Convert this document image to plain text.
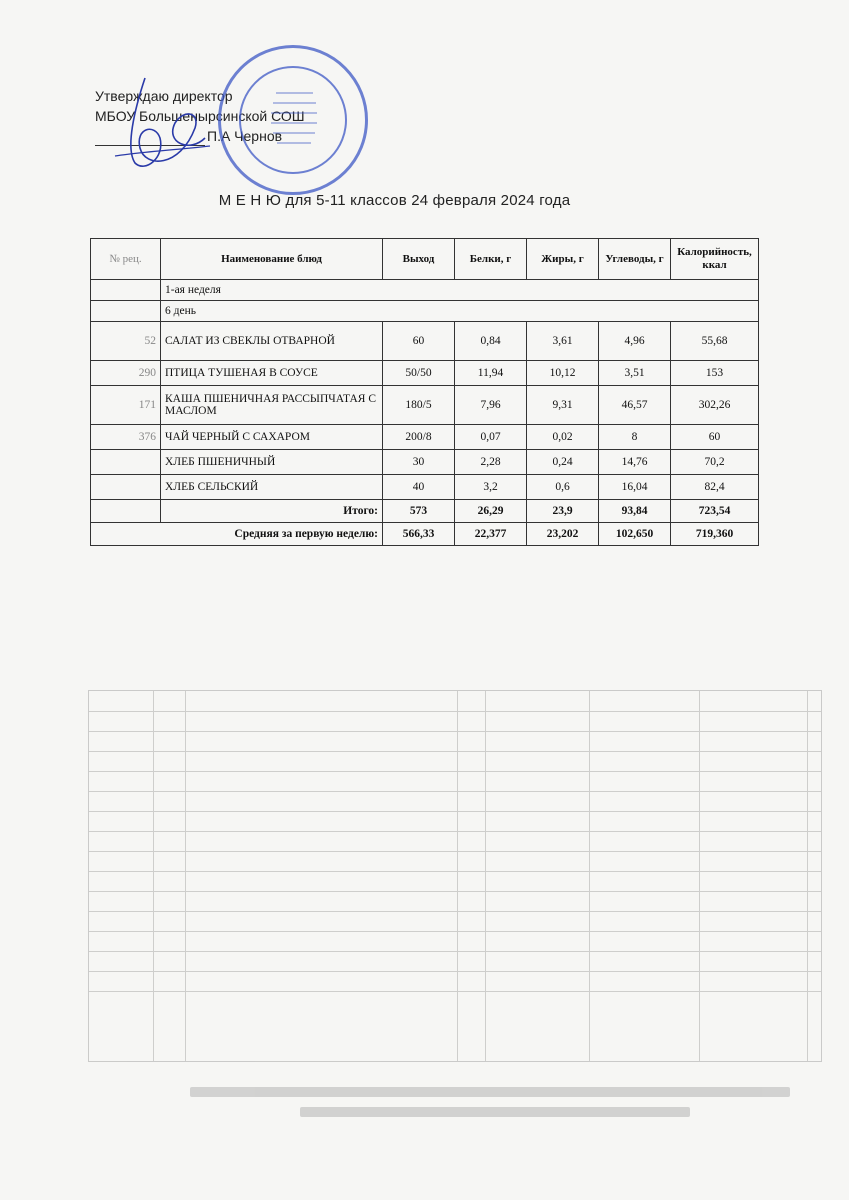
Утверждаю директор
МБОУ Большенырсинской СОШ
П.А Чернов
М Е Н Ю для 5-11 классов 24 февраля 2024 года
№ рец.	Наименование блюд	Выход	Белки, г	Жиры, г	Углеводы, г	Калорийность, ккал
	1-ая неделя					
	6 день					
52	САЛАТ ИЗ СВЕКЛЫ ОТВАРНОЙ	60	0,84	3,61	4,96	55,68
290	ПТИЦА ТУШЕНАЯ В СОУСЕ	50/50	11,94	10,12	3,51	153
171	КАША ПШЕНИЧНАЯ РАССЫПЧАТАЯ С МАСЛОМ	180/5	7,96	9,31	46,57	302,26
376	ЧАЙ ЧЕРНЫЙ С САХАРОМ	200/8	0,07	0,02	8	60
	ХЛЕБ ПШЕНИЧНЫЙ	30	2,28	0,24	14,76	70,2
	ХЛЕБ СЕЛЬСКИЙ	40	3,2	0,6	16,04	82,4
	Итого:	573	26,29	23,9	93,84	723,54
Средняя за первую неделю:		566,33	22,377	23,202	102,650	719,360
